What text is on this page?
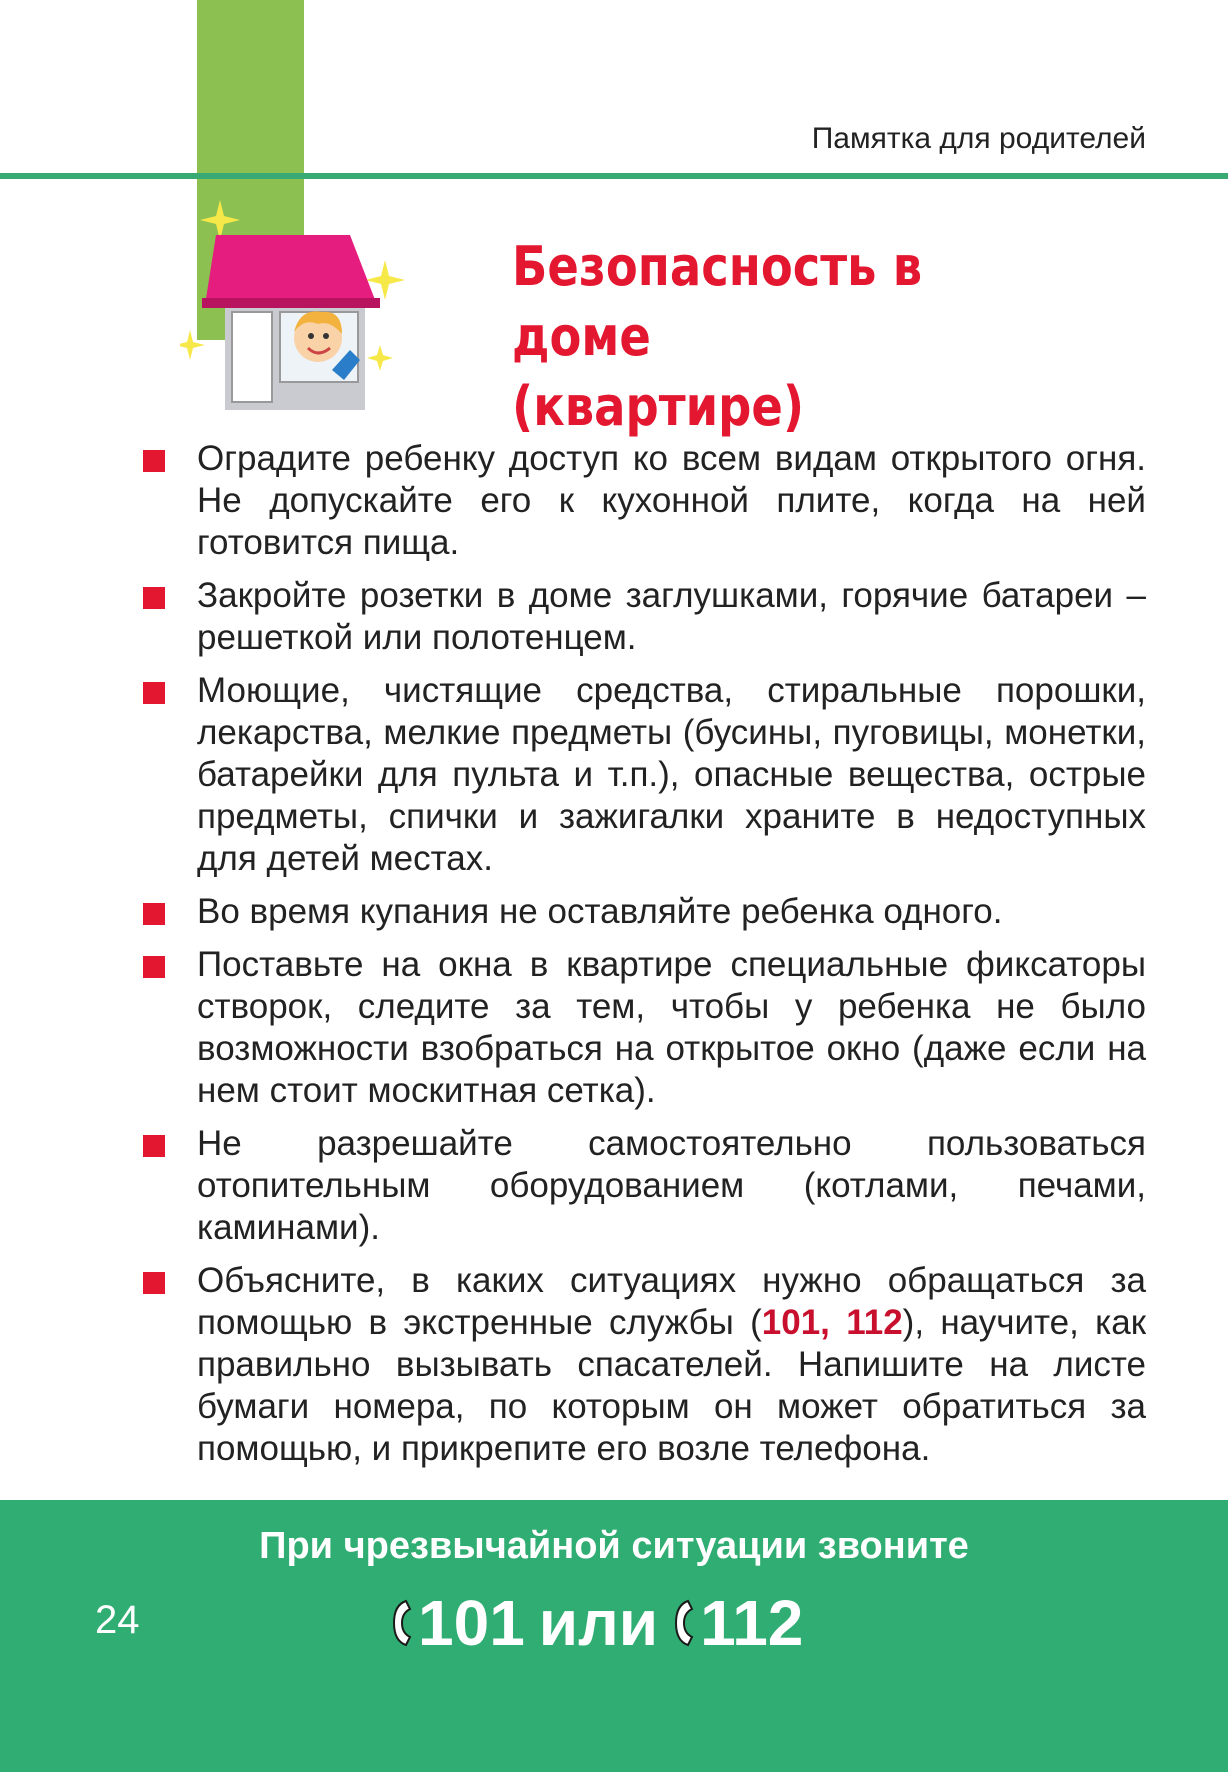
Памятка для родителей
Безопасность в доме
(квартире)
Оградите ребенку доступ ко всем видам открытого огня. Не допускайте его к кухонной плите, когда на ней готовится пища.
Закройте розетки в доме заглушками, горячие батареи – решеткой или полотенцем.
Моющие, чистящие средства, стиральные порошки, лекарства, мелкие предметы (бусины, пуговицы, монетки, батарейки для пульта и т.п.), опасные вещества, острые предметы, спички и зажигалки храните в недоступных для детей местах.
Во время купания не оставляйте ребенка одного.
Поставьте на окна в квартире специальные фиксаторы створок, следите за тем, чтобы у ребенка не было возможности взобраться на открытое окно (даже если на нем стоит москитная сетка).
Не разрешайте самостоятельно пользоваться отопительным оборудованием (котлами, печами, каминами).
Объясните, в каких ситуациях нужно обращаться за помощью в экстренные службы (101, 112), научите, как правильно вызывать спасателей. Напишите на листе бумаги номера, по которым он может обратиться за помощью, и прикрепите его возле телефона.
При чрезвычайной ситуации звоните
101 или 112
24
